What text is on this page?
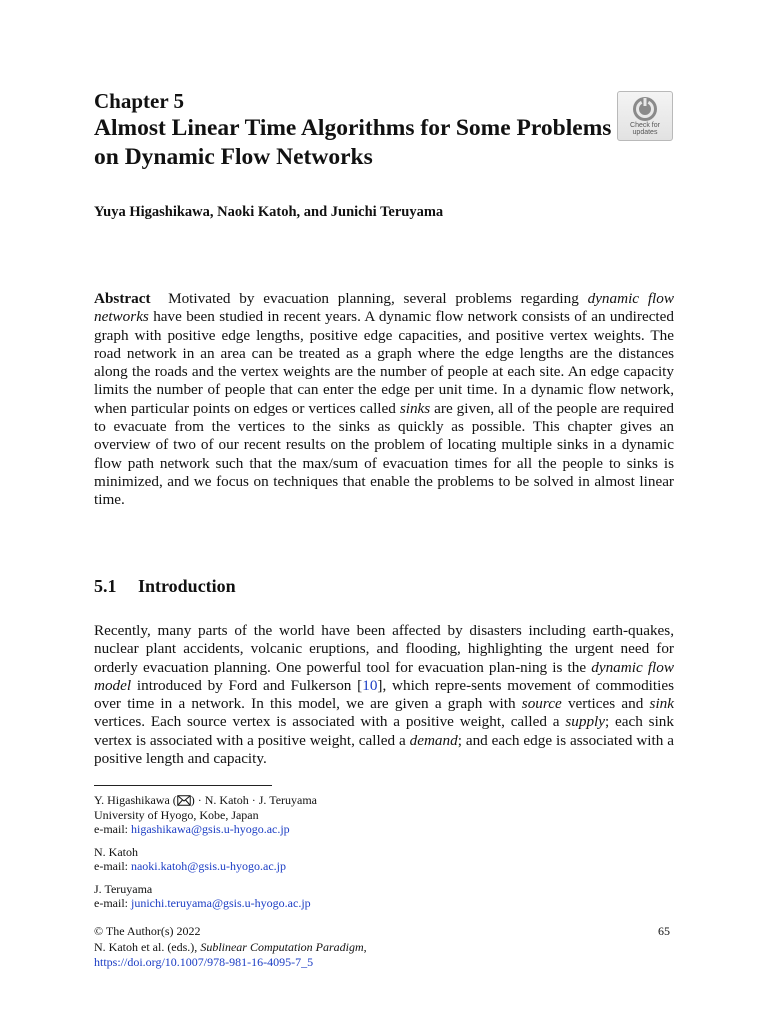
Chapter 5
Almost Linear Time Algorithms for Some Problems on Dynamic Flow Networks
Check for
updates
Yuya Higashikawa, Naoki Katoh, and Junichi Teruyama

Abstract Motivated by evacuation planning, several problems regarding dynamic flow networks have been studied in recent years. A dynamic flow network consists of an undirected graph with positive edge lengths, positive edge capacities, and positive vertex weights. The road network in an area can be treated as a graph where the edge lengths are the distances along the roads and the vertex weights are the number of people at each site. An edge capacity limits the number of people that can enter the edge per unit time. In a dynamic flow network, when particular points on edges or vertices called sinks are given, all of the people are required to evacuate from the vertices to the sinks as quickly as possible. This chapter gives an overview of two of our recent results on the problem of locating multiple sinks in a dynamic flow path network such that the max/sum of evacuation times for all the people to sinks is minimized, and we focus on techniques that enable the problems to be solved in almost linear time.

5.1 Introduction

Recently, many parts of the world have been affected by disasters including earth-quakes, nuclear plant accidents, volcanic eruptions, and flooding, highlighting the urgent need for orderly evacuation planning. One powerful tool for evacuation plan-ning is the dynamic flow model introduced by Ford and Fulkerson [10], which repre-sents movement of commodities over time in a network. In this model, we are given a graph with source vertices and sink vertices. Each source vertex is associated with a positive weight, called a supply; each sink vertex is associated with a positive weight, called a demand; and each edge is associated with a positive length and capacity.

Y. Higashikawa ( ) · N. Katoh · J. Teruyama
University of Hyogo, Kobe, Japan
e-mail: higashikawa@gsis.u-hyogo.ac.jp
N. Katoh
e-mail: naoki.katoh@gsis.u-hyogo.ac.jp
J. Teruyama
e-mail: junichi.teruyama@gsis.u-hyogo.ac.jp
© The Author(s) 2022
N. Katoh et al. (eds.), Sublinear Computation Paradigm,
https://doi.org/10.1007/978-981-16-4095-7_5
65
